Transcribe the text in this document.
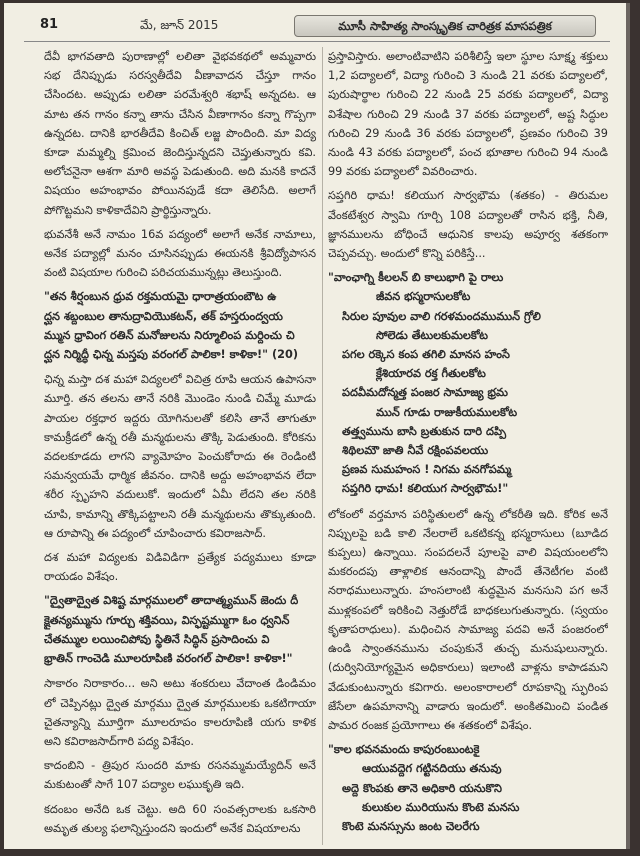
81	మే, జూన్ 2015	మూసీ సాహిత్య సాంస్కృతిక చారిత్రక మాసపత్రిక

దేవీ భాగవతాది పురాణాల్లో లలితా వైభవకథలో అమ్మవారు సభ దేనిప్పుడు సరస్వతీదేవి వీణావాదన చేస్తూ గానం చేసిందట. అప్పుడు లలితా పరమేశ్వరి శభాష్ అన్నదట. ఆ మాట తన గానం కన్నా తాను చేసిన వీణాగానం కన్నా గొప్పగా ఉన్నదట. దానికి భారతీదేవి కించిత్ లజ్జ పొందింది. మా విద్య కూడా మమ్మల్ని క్రమించ జెందిస్తున్నదని చెప్తుతున్నారు కవి. అలోచనైనా ఆశగా మారి అవస్థ పెడుతుంది. అది మనకి కాదనే విషయం అహంభావం పోయినపుడే కదా తెలిసేది. అలాగే పోగొట్టమని కాళికాదేవిని ప్రార్థిస్తున్నారు.

భువనేశీ అనే నామం 16వ పద్యంలో అలాగే అనేక నామాలు, అనేక పద్యాల్లో మనం చూసినప్పుడు ఈయనకి శ్రీవిద్యోపాసన వంటి విషయాల గురించి పరిచయమున్నట్లు తెలుస్తుంది.

"తన శీర్షంబున ధ్రువ రక్తమయమై ధారాత్రయంబౌట ఉ
ద్ఘన శబ్దంబుల తానుద్రావియొకటన్, తక్ హస్తరుంద్వయ
మ్మున ధ్రావింగ రతిన్ మనోజులను నిర్మూలింప మర్దించు చి
ద్ఘన నిర్మిద్ధీ ఛిన్న మస్తపు వరంగల్ పాలికా! కాళికా!" (20)

ఛిన్న మస్తా దశ మహా విద్యలలో విచిత్ర రూపి ఆయన ఉపాసనా మూర్తి. తన తలను తానే నరికి మొండెం నుండి చిమ్మే మూడు పాయల రక్తధార ఇద్దరు యోగినులతో కలిసి తానే తాగుతూ కామక్రీడలో ఉన్న రతీ మన్మథులను తొక్కి పెడుతుంది. కోరికను వదలకూడదు లాగని వ్యామోహం పెంచుకోరాదు ఈ రెండింటి సమన్వయమే ధార్మిక జీవనం. దానికి అద్దు అహంభావన లేదా శరీర స్పృహని వదులుకో. ఇందులో ఏమీ లేదని తల నరికి చూపి, కామాన్ని తొక్కిపట్టాలని రతీ మన్మథులను తొక్కుతుంది. ఆ రూపాన్ని ఈ పద్యంలో చూపించారు కవిరాజసాద్.

దశ మహా విద్యలకు విడివిడిగా ప్రత్యేక పద్యములు కూడా రాయడం విశేషం.

"ద్వైతాద్వైత విశిష్ట మార్గములలో తాదాత్మ్యమున్ జెందు దీ
క్షైతన్యమ్మును గూర్చు శక్తివయి, విస్ఫష్టమ్ముగా ఓం ధ్వనిన్
చేతమ్ముల లయించిపోవు స్థితినే సిద్ధిన్ ప్రసాదించు వి
భ్రాతిన్ గాంచెడి మూలరూపిణి వరంగల్ పాలికా! కాళికా!"

సాకారం నిరాకారం... అని అటు శంకరులు వేదాంత డిండిమం లో చెప్పినట్లు ద్వైత మార్గము ద్వైత మార్గములకు ఒకటిగాయా చైతన్యాన్ని మూర్తిగా మూలరూపం కాలరూపిణి యగు కాళిక అని కవిరాజసాద్‌గారి పద్య విశేషం.

కాదంబిని - త్రిపుర సుందరి మాకు రసనమ్మమయ్యేదిన్ అనే మకుటంతో సాగే 107 పద్యాల లఘుకృతి ఇది.

కదంబం అనేది ఒక చెట్టు. అది 60 సంవత్సరాలకు ఒకసారి అమృత తుల్య ఫలాన్నిస్తుందని ఇందులో అనేక విషయాలను

ప్రస్తావిస్తారు. అలాంటివాటిని పరిశీలిస్తే ఇలా స్థూల సూక్ష్మ శక్తులు 1,2 పద్యాలలో, విద్యా గురించి 3 నుండి 21 వరకు పద్యాలలో, పురుషార్థాల గురించి 22 నుండి 25 వరకు పద్యాలలో, విద్యా విశేషాల గురించి 29 నుండి 37 వరకు పద్యాలలో, అష్ట సిద్ధుల గురించి 29 నుండి 36 వరకు పద్యాలలో, ప్రణవం గురించి 39 నుండి 43 వరకు పద్యాలలో, పంచ భూతాల గురించి 94 నుండి 99 వరకు పద్యాలలో వివరించారు.

సప్తగిరి ధామ! కలియుగ సార్వభౌమ (శతకం) - తిరుమల వేంకటేశ్వర స్వామి గూర్చి 108 పద్యాలతో రాసిన భక్తి, నీతి, జ్ఞానములను బోధించే ఆధునిక కాలపు అపూర్వ శతకంగా చెప్పవచ్చు. అందులో కొన్ని పరికిస్తే...

"వాంఛాగ్ని కీలలన్ బి కాలుభాగి పై రాలు
జీవన భస్మరాసులకోట
సిరుల పూవుల వాలి గరళమందముమున్ గ్రోలి
సోలెడు తేటులకుమలకోట
పగల రక్కెస కంప తగిలి మానస హంసే
క్లేశియారవ రక్త గీతులకోట
పదవీమదోన్మత్త పంజర సామాజ్య భ్రమ
మున్ గూడు రాజుకీయములకోట
తత్త్వమును బాసి బ్రతుకున దారి దప్పి
శిథిలమౌ జాతి నీవే రక్షింపవలయు
ప్రణవ సుమహంస ! నిగమ వనగోపమ్మ
సప్తగిరి ధామ! కలియుగ సార్వభౌమ!"

లోకంలో వర్తమాన పరిస్థితులలో ఉన్న లోకరీతి ఇది. కోరిక అనే నిప్పులపై బడి కాలి నేలరాలే ఒకటికన్న భస్మరాసులు (బూడిద కుప్పలు) ఉన్నాయి. సంపదలనే పూలపై వాలి విషయంలలోని మకరందపు తాళ్లాలిక ఆనందాన్ని పొందే తేనెటీగల వంటి నరాధములున్నారు. హంసలాంటి శుద్ధమైన మనసుని పగ అనే ముళ్లకంపలో ఇరికించి నెత్తురోడే బాధకలుగుతున్నారు. (స్వయం కృతాపరాధులు). మధించిన సామాజ్య పదవి అనే పంజరంలో ఉండి స్వాంతనమును చంపుకునే తుచ్ఛ మనుషులున్నారు. (దుర్వినియోగ్యమైన అధికారులు) ఇలాంటి వాళ్లను కాపాడమని వేడుకుంటున్నారు కవిగారు. అలంకారాలలో రూపకాన్ని స్ఫురింప జేసేలా ఉపమానాన్ని వాడారు ఇందులో. అంకితమించి పండిత పామర రంజక ప్రయోగాలు ఈ శతకంలో విశేషం.

"కాల భవనమందు కాపురంబుంటకై
ఆయువద్దెగ గట్టినదియు తనువు
అద్దె కొంపకు తానె అధికారి యనుకొని
కులుకుల మురియును కొంటె మనసు
కొంటె మనస్సును జంట చెలరేగు
